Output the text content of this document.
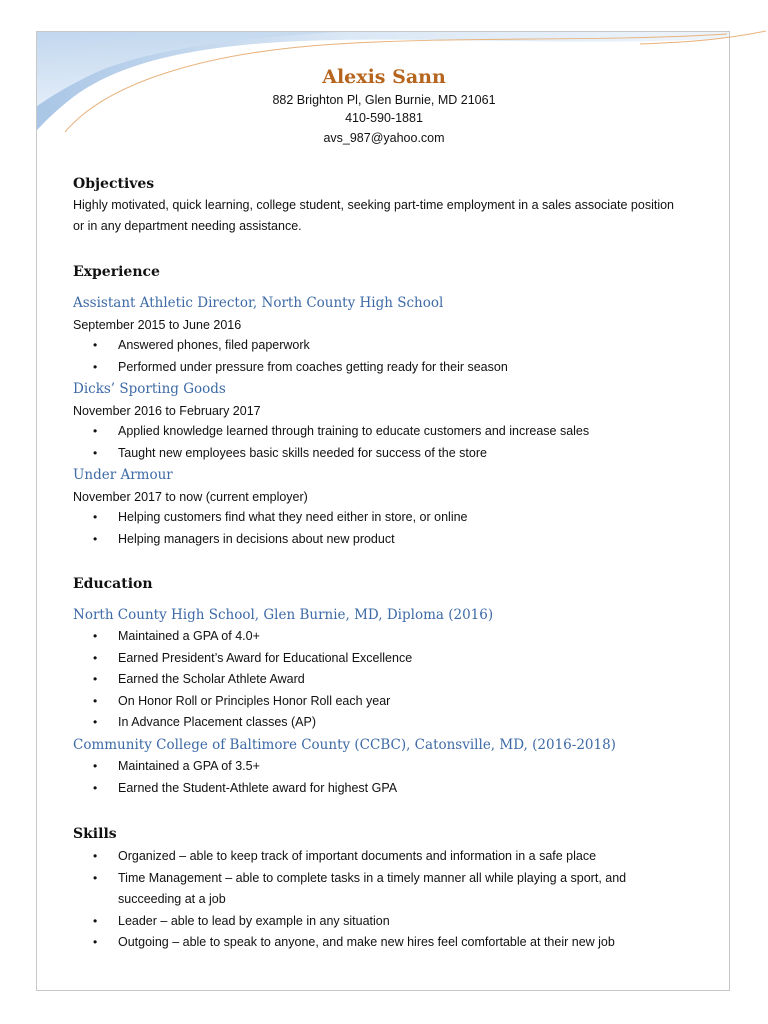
Alexis Sann
882 Brighton Pl, Glen Burnie, MD 21061
410-590-1881
avs_987@yahoo.com
Objectives
Highly motivated, quick learning, college student, seeking part-time employment in a sales associate position
or in any department needing assistance.
Experience
Assistant Athletic Director, North County High School
September 2015 to June 2016
• Answered phones, filed paperwork
• Performed under pressure from coaches getting ready for their season
Dicks’ Sporting Goods
November 2016 to February 2017
• Applied knowledge learned through training to educate customers and increase sales
• Taught new employees basic skills needed for success of the store
Under Armour
November 2017 to now (current employer)
• Helping customers find what they need either in store, or online
• Helping managers in decisions about new product
Education
North County High School, Glen Burnie, MD, Diploma (2016)
• Maintained a GPA of 4.0+
• Earned President’s Award for Educational Excellence
• Earned the Scholar Athlete Award
• On Honor Roll or Principles Honor Roll each year
• In Advance Placement classes (AP)
Community College of Baltimore County (CCBC), Catonsville, MD, (2016-2018)
• Maintained a GPA of 3.5+
• Earned the Student-Athlete award for highest GPA
Skills
• Organized – able to keep track of important documents and information in a safe place
• Time Management – able to complete tasks in a timely manner all while playing a sport, and
succeeding at a job
• Leader – able to lead by example in any situation
• Outgoing – able to speak to anyone, and make new hires feel comfortable at their new job
